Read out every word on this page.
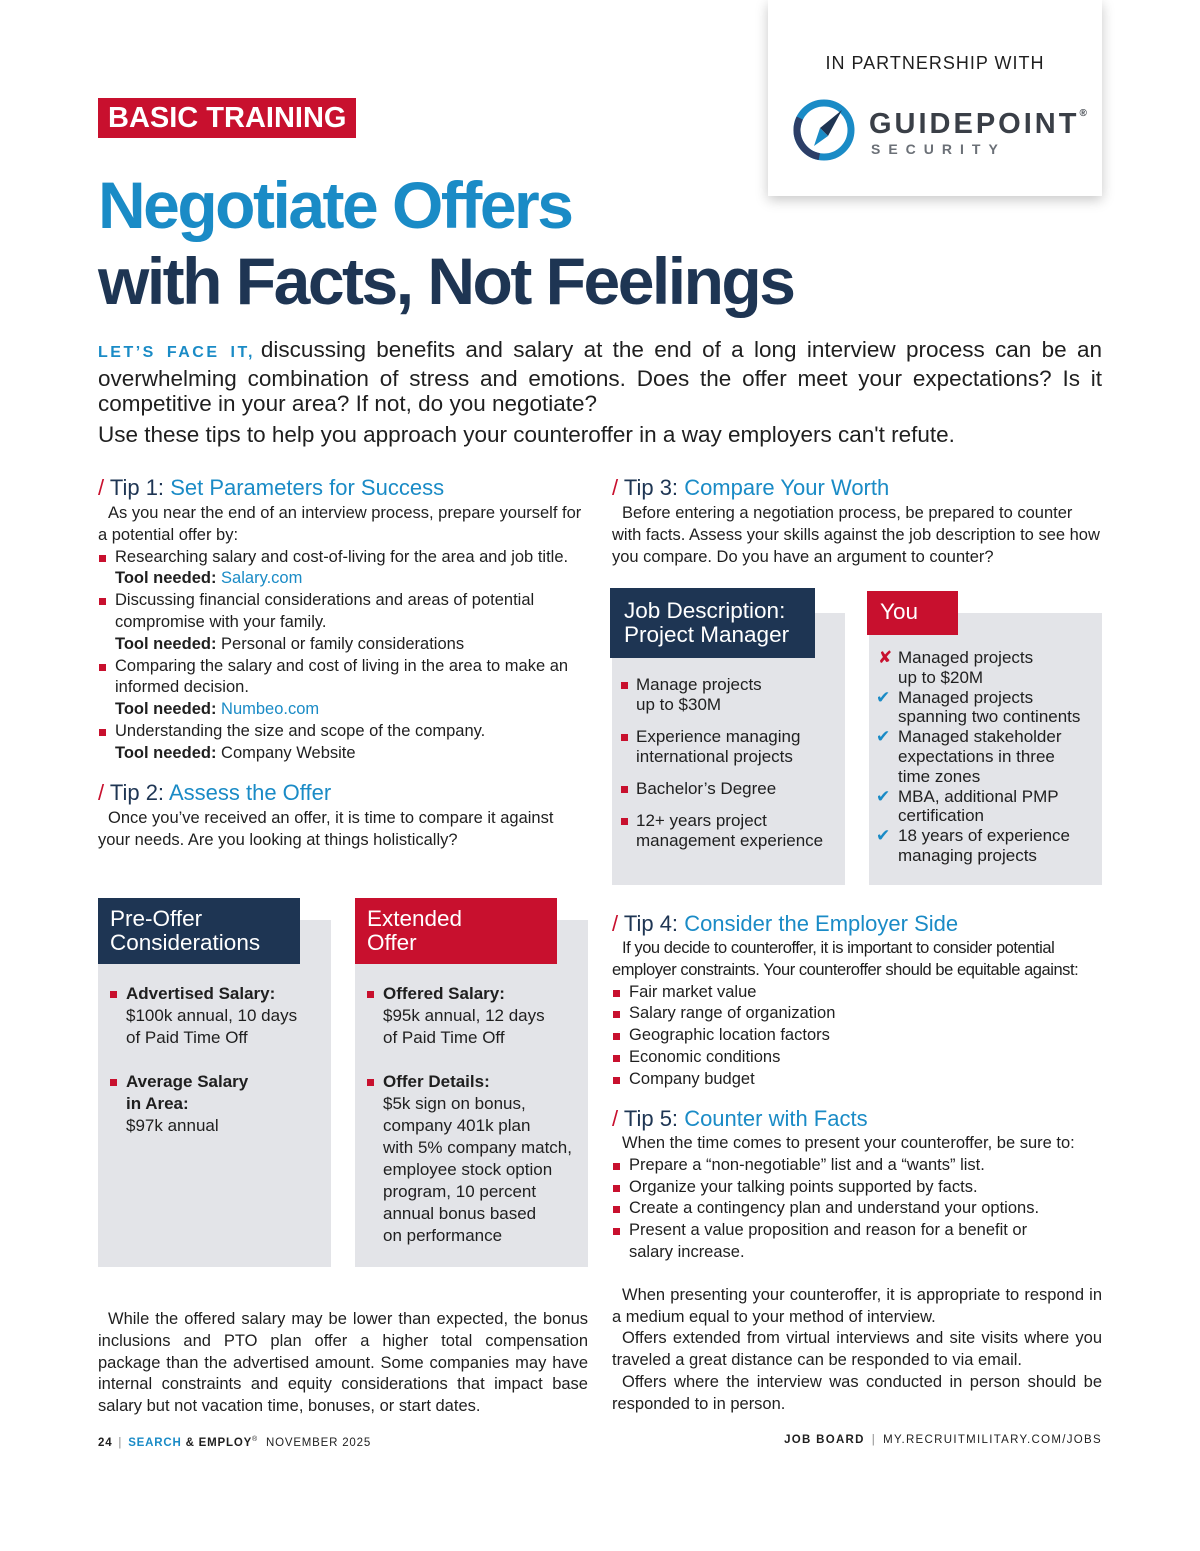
IN PARTNERSHIP WITH
GUIDEPOINT®
SECURITY
BASIC TRAINING
Negotiate Offers
with Facts, Not Feelings
LET’S FACE IT, discussing benefits and salary at the end of a long interview process can be an overwhelming combination of stress and emotions. Does the offer meet your expectations? Is it competitive in your area? If not, do you negotiate?
Use these tips to help you approach your counteroffer in a way employers can't refute.
/ Tip 1: Set Parameters for Success
As you near the end of an interview process, prepare yourself for a potential offer by:
Researching salary and cost-of-living for the area and job title.
Tool needed: Salary.com
Discussing financial considerations and areas of potential compromise with your family.
Tool needed: Personal or family considerations
Comparing the salary and cost of living in the area to make an informed decision.
Tool needed: Numbeo.com
Understanding the size and scope of the company.
Tool needed: Company Website
/ Tip 2: Assess the Offer
Once you’ve received an offer, it is time to compare it against your needs. Are you looking at things holistically?
/ Tip 3: Compare Your Worth
Before entering a negotiation process, be prepared to counter with facts. Assess your skills against the job description to see how you compare. Do you have an argument to counter?
Job Description:
Project Manager
Manage projects
up to $30M
Experience managing
international projects
Bachelor’s Degree
12+ years project
management experience
You
✘ Managed projects
up to $20M
✔ Managed projects
spanning two continents
✔ Managed stakeholder
expectations in three
time zones
✔ MBA, additional PMP
certification
✔ 18 years of experience
managing projects
Pre-Offer
Considerations
Advertised Salary:
$100k annual, 10 days
of Paid Time Off
Average Salary
in Area:
$97k annual
Extended
Offer
Offered Salary:
$95k annual, 12 days
of Paid Time Off
Offer Details:
$5k sign on bonus,
company 401k plan
with 5% company match,
employee stock option
program, 10 percent
annual bonus based
on performance
While the offered salary may be lower than expected, the bonus inclusions and PTO plan offer a higher total compensation package than the advertised amount. Some companies may have internal constraints and equity considerations that impact base salary but not vacation time, bonuses, or start dates.
/ Tip 4: Consider the Employer Side
If you decide to counteroffer, it is important to consider potential employer constraints. Your counteroffer should be equitable against:
Fair market value
Salary range of organization
Geographic location factors
Economic conditions
Company budget
/ Tip 5: Counter with Facts
When the time comes to present your counteroffer, be sure to:
Prepare a “non-negotiable” list and a “wants” list.
Organize your talking points supported by facts.
Create a contingency plan and understand your options.
Present a value proposition and reason for a benefit or salary increase.
When presenting your counteroffer, it is appropriate to respond in a medium equal to your method of interview.
Offers extended from virtual interviews and site visits where you traveled a great distance can be responded to via email.
Offers where the interview was conducted in person should be responded to in person.
24 | SEARCH & EMPLOY® NOVEMBER 2025	JOB BOARD | MY.RECRUITMILITARY.COM/JOBS
